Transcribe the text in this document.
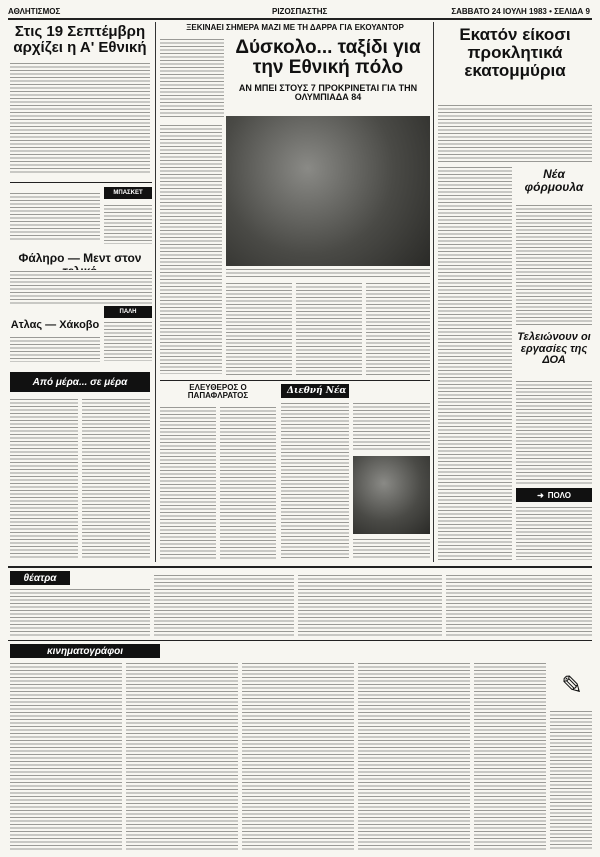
ΑΘΛΗΤΙΣΜΟΣ	ΡΙΖΟΣΠΑΣΤΗΣ	ΣΑΒΒΑΤΟ 24 ΙΟΥΛΗ 1983 • ΣΕΛΙΔΑ 9
Στις 19 Σεπτέμβρη αρχίζει η Α' Εθνική
ΜΠΑΣΚΕΤ
Φάληρο — Μεντ στον
ΠΑΛΗ
Ατλας — Χάκοβο
Από μέρα... σε μέρα
ΞΕΚΙΝΑΕΙ ΣΗΜΕΡΑ ΜΑΖΙ ΜΕ ΤΗ ΔΑΡΡΑ ΓΙΑ ΕΚΟΥΑΝΤΟΡ
Δύσκολο... ταξίδι για την Εθνική πόλο
ΑΝ ΜΠΕΙ ΣΤΟΥΣ 7 ΠΡΟΚΡΙΝΕΤΑΙ ΓΙΑ ΤΗΝ ΟΛΥΜΠΙΑΔΑ 84
ΕΛΕΥΘΕΡΟΣ Ο ΠΑΠΑΦΛΡΑΤΟΣ	Διεθνή Νέα
Εκατόν είκοσι προκλητικά εκατομμύρια
Νέα φόρμουλα
Τελειώνουν οι εργασίες της ΔΟΑ
➜ ΠΟΛΟ
θέατρα
κινηματογράφοι
✎
